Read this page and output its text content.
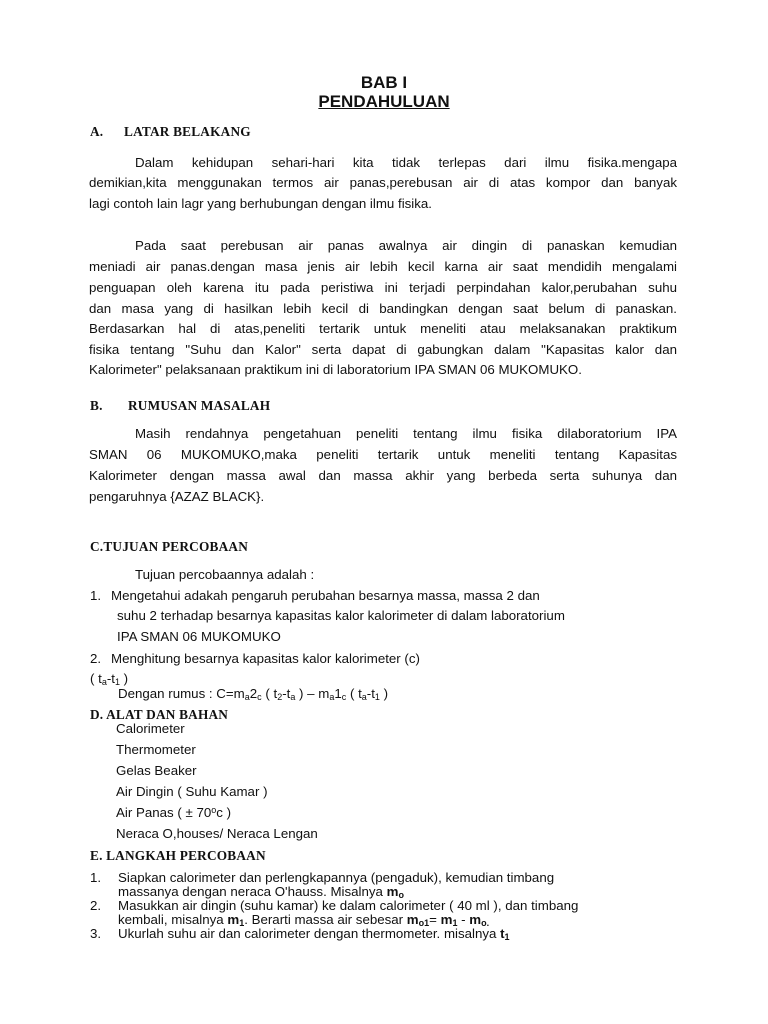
BAB I
PENDAHULUAN
A. LATAR BELAKANG
Dalam kehidupan sehari-hari kita tidak terlepas dari ilmu fisika.mengapa
demikian,kita menggunakan termos air panas,perebusan air di atas kompor dan banyak
lagi contoh lain lagr yang berhubungan dengan ilmu fisika.
Pada saat perebusan air panas awalnya air dingin di panaskan kemudian
meniadi air panas.dengan masa jenis air lebih kecil karna air saat mendidih mengalami
penguapan oleh karena itu pada peristiwa ini terjadi perpindahan kalor,perubahan suhu
dan masa yang di hasilkan lebih kecil di bandingkan dengan saat belum di panaskan.
Berdasarkan hal di atas,peneliti tertarik untuk meneliti atau melaksanakan praktikum
fisika tentang "Suhu dan Kalor" serta dapat di gabungkan dalam "Kapasitas kalor dan
Kalorimeter" pelaksanaan praktikum ini di laboratorium IPA SMAN 06 MUKOMUKO.
B. RUMUSAN MASALAH
Masih rendahnya pengetahuan peneliti tentang ilmu fisika dilaboratorium IPA
SMAN 06 MUKOMUKO,maka peneliti tertarik untuk meneliti tentang Kapasitas
Kalorimeter dengan massa awal dan massa akhir yang berbeda serta suhunya dan
pengaruhnya {AZAZ BLACK}.
C.TUJUAN PERCOBAAN
Tujuan percobaannya adalah :
1. Mengetahui adakah pengaruh perubahan besarnya massa, massa 2 dan
suhu 2 terhadap besarnya kapasitas kalor kalorimeter di dalam laboratorium
IPA SMAN 06 MUKOMUKO
2. Menghitung besarnya kapasitas kalor kalorimeter (c)
( ta-t1 )
Dengan rumus : C=ma2c ( t2-ta ) – ma1c ( ta-t1 )
D. ALAT DAN BAHAN
Calorimeter
Thermometer
Gelas Beaker
Air Dingin ( Suhu Kamar )
Air Panas ( ± $70^oc$ )
Neraca O,houses/ Neraca Lengan
E. LANGKAH PERCOBAAN
1. Siapkan calorimeter dan perlengkapannya (pengaduk), kemudian timbang
massanya dengan neraca O'hauss. Misalnya $m_o$
2. Masukkan air dingin (suhu kamar) ke dalam calorimeter ( 40 ml ), dan timbang
kembali, misalnya $m_1$. Berarti massa air sebesar $m_{o1}= m_1 - m_{o.}$
3. Ukurlah suhu air dan calorimeter dengan thermometer. misalnya $t_1$
